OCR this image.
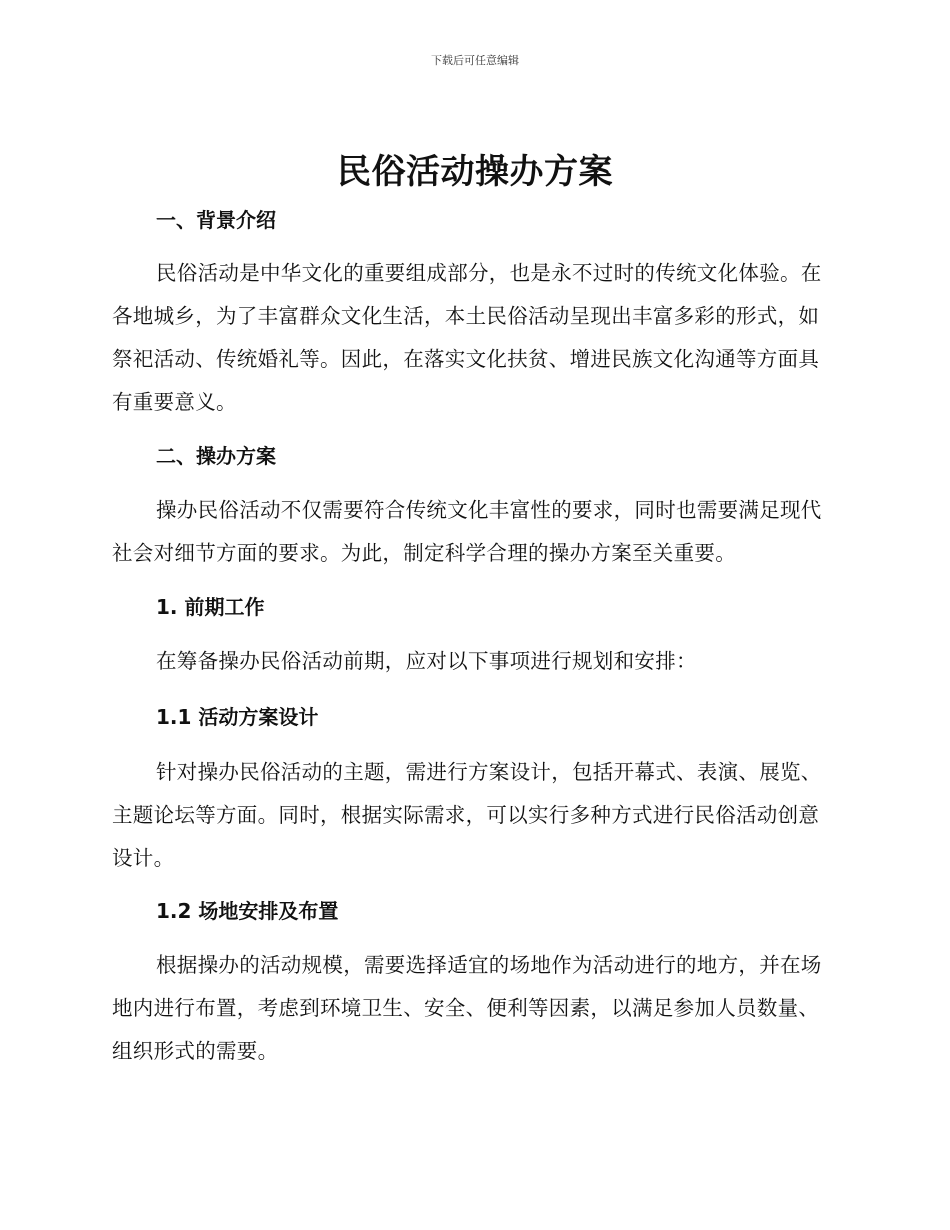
下载后可任意编辑
民俗活动操办方案
一、背景介绍
民俗活动是中华文化的重要组成部分，也是永不过时的传统文化体验。在各地城乡，为了丰富群众文化生活，本土民俗活动呈现出丰富多彩的形式，如祭祀活动、传统婚礼等。因此，在落实文化扶贫、增进民族文化沟通等方面具有重要意义。
二、操办方案
操办民俗活动不仅需要符合传统文化丰富性的要求，同时也需要满足现代社会对细节方面的要求。为此，制定科学合理的操办方案至关重要。
1. 前期工作
在筹备操办民俗活动前期，应对以下事项进行规划和安排：
1.1 活动方案设计
针对操办民俗活动的主题，需进行方案设计，包括开幕式、表演、展览、主题论坛等方面。同时，根据实际需求，可以实行多种方式进行民俗活动创意设计。
1.2 场地安排及布置
根据操办的活动规模，需要选择适宜的场地作为活动进行的地方，并在场地内进行布置，考虑到环境卫生、安全、便利等因素，以满足参加人员数量、组织形式的需要。
